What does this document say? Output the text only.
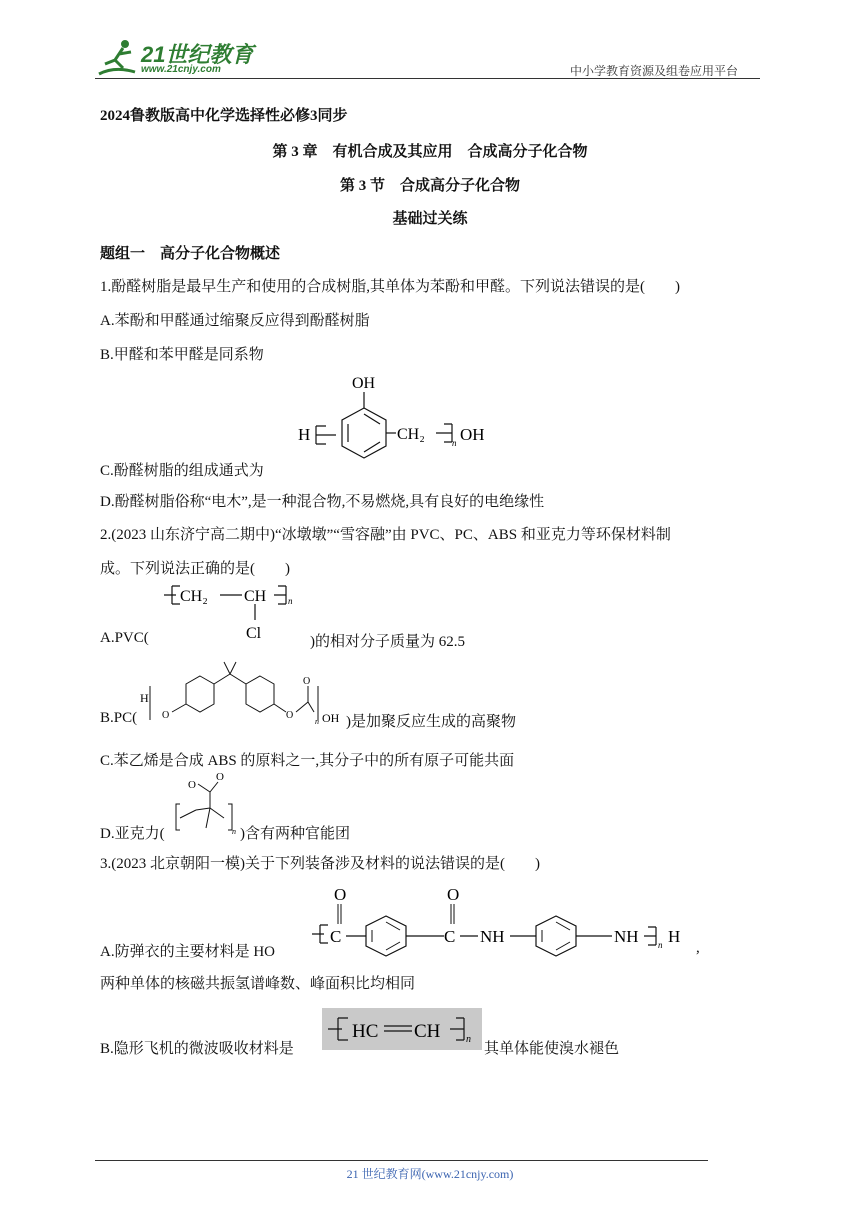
21世纪教育
www.21cnjy.com	中小学教育资源及组卷应用平台
2024鲁教版高中化学选择性必修3同步
第 3 章　有机合成及其应用　合成高分子化合物
第 3 节　合成高分子化合物
基础过关练
题组一　高分子化合物概述
1.酚醛树脂是最早生产和使用的合成树脂,其单体为苯酚和甲醛。下列说法错误的是(　　)
A.苯酚和甲醛通过缩聚反应得到酚醛树脂
B.甲醛和苯甲醛是同系物
OH
H	CH₂	n OH
C.酚醛树脂的组成通式为
D.酚醛树脂俗称“电木”,是一种混合物,不易燃烧,具有良好的电绝缘性
2.(2023 山东济宁高二期中)“冰墩墩”“雪容融”由 PVC、PC、ABS 和亚克力等环保材料制
成。下列说法正确的是(　　)
CH₂ CH n
Cl
A.PVC(	)的相对分子质量为 62.5
H
O	O
O
n OH
B.PC(	)是加聚反应生成的高聚物
C.苯乙烯是合成 ABS 的原料之一,其分子中的所有原子可能共面
O
O
n
D.亚克力(	)含有两种官能团
3.(2023 北京朝阳一模)关于下列装备涉及材料的说法错误的是(　　)
C
O
C
O
NH	NH n H
A.防弹衣的主要材料是 HO	,
两种单体的核磁共振氢谱峰数、峰面积比均相同
HC CH	n
B.隐形飞机的微波吸收材料是	其单体能使溴水褪色
21 世纪教育网(www.21cnjy.com)
